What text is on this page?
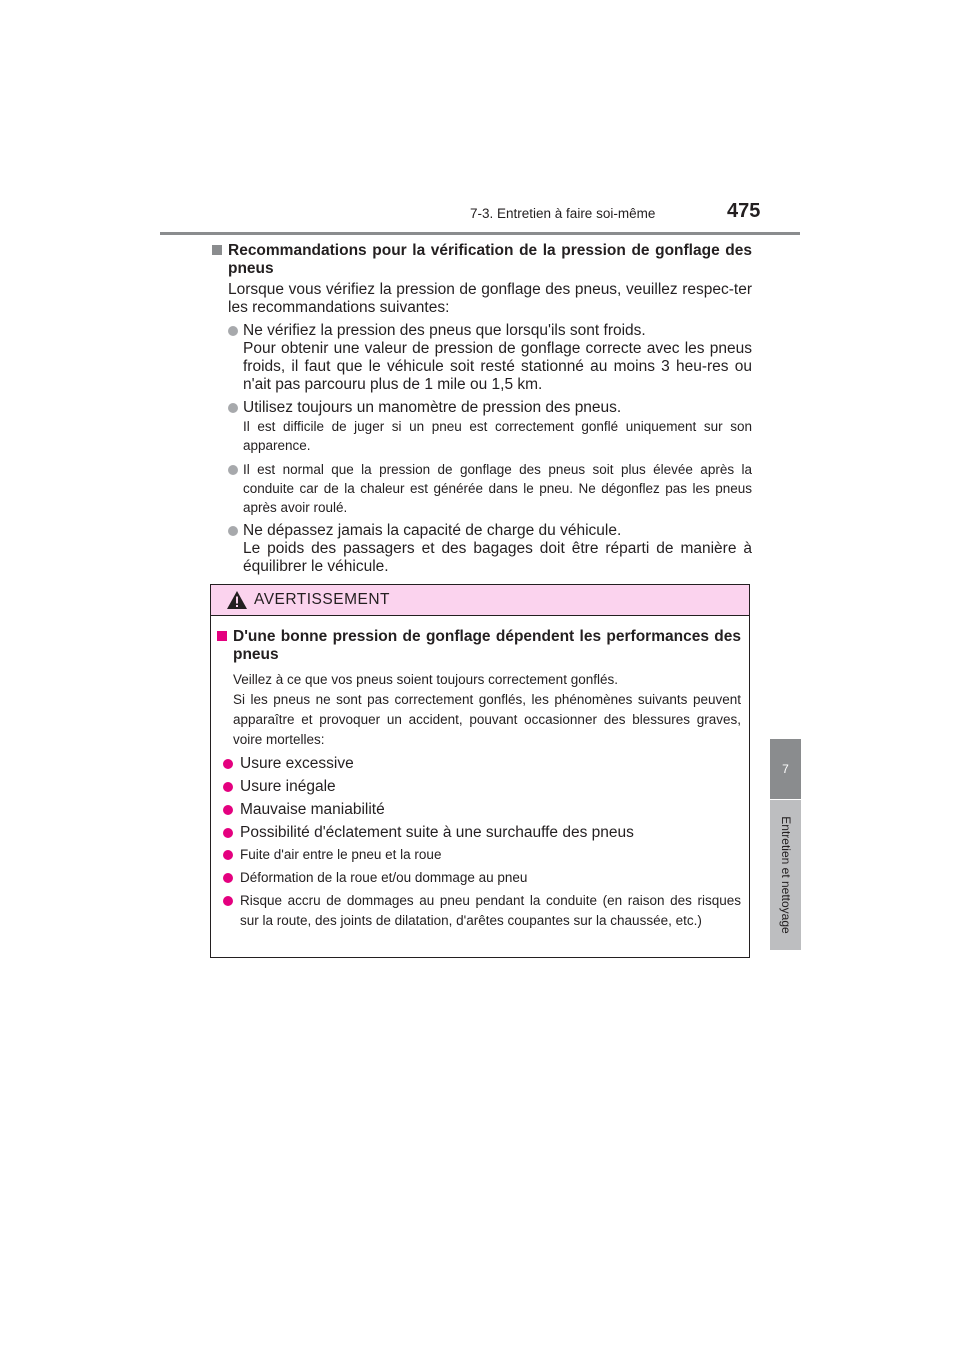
7-3. Entretien à faire soi-même	475
7
Entretien et nettoyage
Recommandations pour la vérification de la pression de gonflage des pneus
Lorsque vous vérifiez la pression de gonflage des pneus, veuillez respec-ter les recommandations suivantes:
Ne vérifiez la pression des pneus que lorsqu'ils sont froids.
Pour obtenir une valeur de pression de gonflage correcte avec les pneus froids, il faut que le véhicule soit resté stationné au moins 3 heu-res ou n'ait pas parcouru plus de 1 mile ou 1,5 km.
Utilisez toujours un manomètre de pression des pneus.
Il est difficile de juger si un pneu est correctement gonflé uniquement sur son apparence.
Il est normal que la pression de gonflage des pneus soit plus élevée après la conduite car de la chaleur est générée dans le pneu. Ne dégonflez pas les pneus après avoir roulé.
Ne dépassez jamais la capacité de charge du véhicule.
Le poids des passagers et des bagages doit être réparti de manière à équilibrer le véhicule.
AVERTISSEMENT
D'une bonne pression de gonflage dépendent les performances des pneus
Veillez à ce que vos pneus soient toujours correctement gonflés.
Si les pneus ne sont pas correctement gonflés, les phénomènes suivants peuvent apparaître et provoquer un accident, pouvant occasionner des blessures graves, voire mortelles:
Usure excessive
Usure inégale
Mauvaise maniabilité
Possibilité d'éclatement suite à une surchauffe des pneus
Fuite d'air entre le pneu et la roue
Déformation de la roue et/ou dommage au pneu
Risque accru de dommages au pneu pendant la conduite (en raison des risques sur la route, des joints de dilatation, d'arêtes coupantes sur la chaussée, etc.)
